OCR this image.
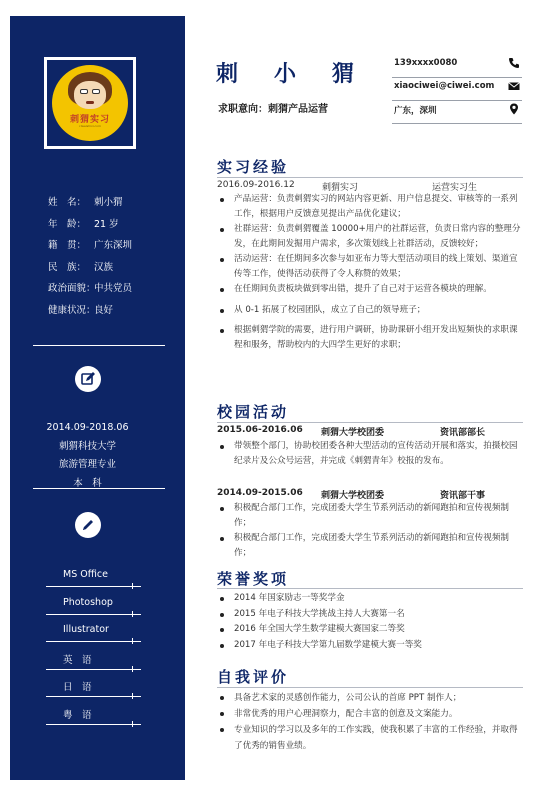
刺猬实习
ciweishixi.com
姓　名： 刺小猬
年　龄： 21 岁
籍　贯： 广东深圳
民　族： 汉族
政治面貌：中共党员
健康状况：良好
2014.09-2018.06
刺猬科技大学
旅游管理专业
本　科
MS Office
Photoshop
Illustrator
英　语
日　语
粤　语
刺小猬
求职意向：刺猬产品运营
139xxxx0080
xiaociwei@ciwei.com
广东，深圳
实习经验
2016.09-2016.12	刺猬实习	运营实习生
产品运营：负责刺猬实习的网站内容更新、用户信息提交、审核等的一系列工作，根据用户反馈意见提出产品优化建议；
社群运营：负责刺猬覆盖 10000+用户的社群运营，负责日常内容的整理分发，在此期间发掘用户需求，多次策划线上社群活动，反馈较好；
活动运营：在任期间多次参与如亚布力等大型活动项目的线上策划、渠道宣传等工作，使得活动获得了令人称赞的效果；
在任期间负责板块做到零出错，提升了自己对于运营各模块的理解。
从 0-1 拓展了校园团队，成立了自己的领导班子；
根据刺猬学院的需要，进行用户调研，协助课研小组开发出短频快的求职课程和服务，帮助校内的大四学生更好的求职；
校园活动
2015.06-2016.06 刺猬大学校团委	资讯部部长
带领整个部门，协助校团委各种大型活动的宣传活动开展和落实，拍摄校园纪录片及公众号运营，并完成《刺猬青年》校报的发布。
2014.09-2015.06 刺猬大学校团委	资讯部干事
积极配合部门工作，完成团委大学生节系列活动的新闻跑拍和宣传视频制作；
积极配合部门工作，完成团委大学生节系列活动的新闻跑拍和宣传视频制作；
荣誉奖项
2014 年国家励志一等奖学金
2015 年电子科技大学挑战主持人大赛第一名
2016 年全国大学生数学建模大赛国家二等奖
2017 年电子科技大学第九届数学建模大赛一等奖
自我评价
具备艺术家的灵感创作能力，公司公认的首席 PPT 制作人；
非常优秀的用户心理洞察力，配合丰富的创意及文案能力。
专业知识的学习以及多年的工作实践，使我积累了丰富的工作经验，并取得了优秀的销售业绩。
